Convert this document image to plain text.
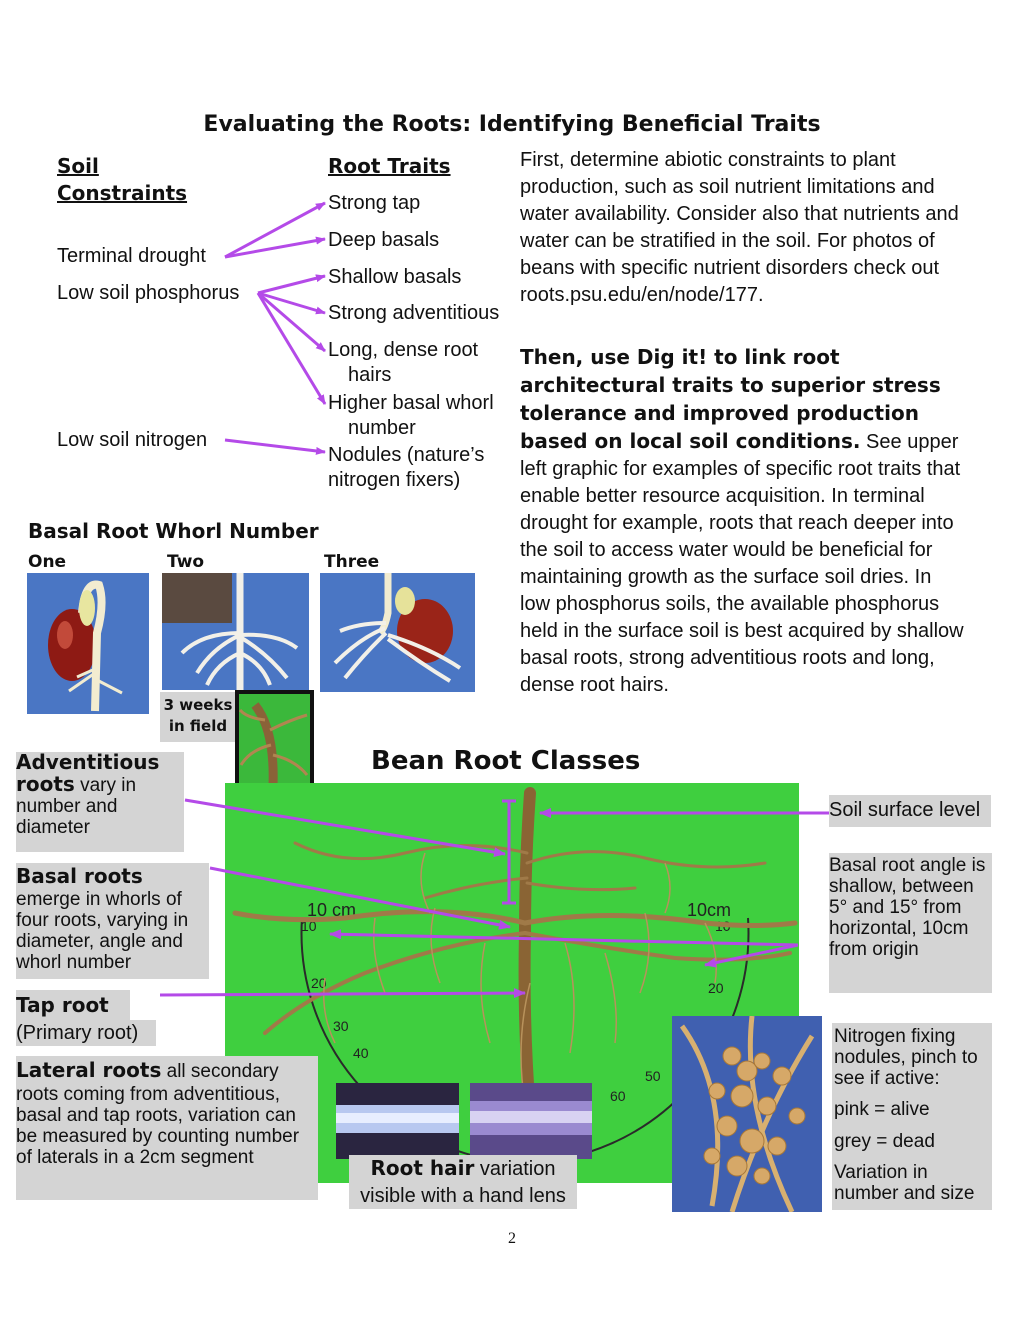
Evaluating the Roots: Identifying Beneficial Traits
Soil
Constraints
Terminal drought
Low soil phosphorus
Low soil nitrogen
Root Traits
Strong tap
Deep basals
Shallow basals
Strong adventitious
Long, dense root
hairs
Higher basal whorl
number
Nodules (nature’s
nitrogen fixers)
First, determine abiotic constraints to plant production, such as soil nutrient limitations and water availability. Consider also that nutrients and water can be stratified in the soil. For photos of beans with specific nutrient disorders check out roots.psu.edu/en/node/177.
Then, use Dig it! to link root architectural traits to superior stress tolerance and improved production based on local soil conditions. See upper left graphic for examples of specific root traits that enable better resource acquisition. In terminal drought for example, roots that reach deeper into the soil to access water would be beneficial for maintaining growth as the surface soil dries. In low phosphorus soils, the available phosphorus held in the surface soil is best acquired by shallow basal roots, strong adventitious roots and long, dense root hairs.
Basal Root Whorl Number
One	Two	Three
3 weeks
in field
Bean Root Classes
10
20
30
40
10
20
50
60
10 cm	10cm
Root hair variation
visible with a hand lens
Adventitious roots vary in number and diameter
Basal roots
emerge in whorls of four roots, varying in diameter, angle and whorl number
Tap root
(Primary root)
Lateral roots all secondary roots coming from adventitious, basal and tap roots, variation can be measured by counting number of laterals in a 2cm segment
Soil surface level
Basal root angle is shallow, between 5° and 15° from horizontal, 10cm from origin
Nitrogen fixing nodules, pinch to see if active:
pink = alive
grey = dead
Variation in number and size
2
